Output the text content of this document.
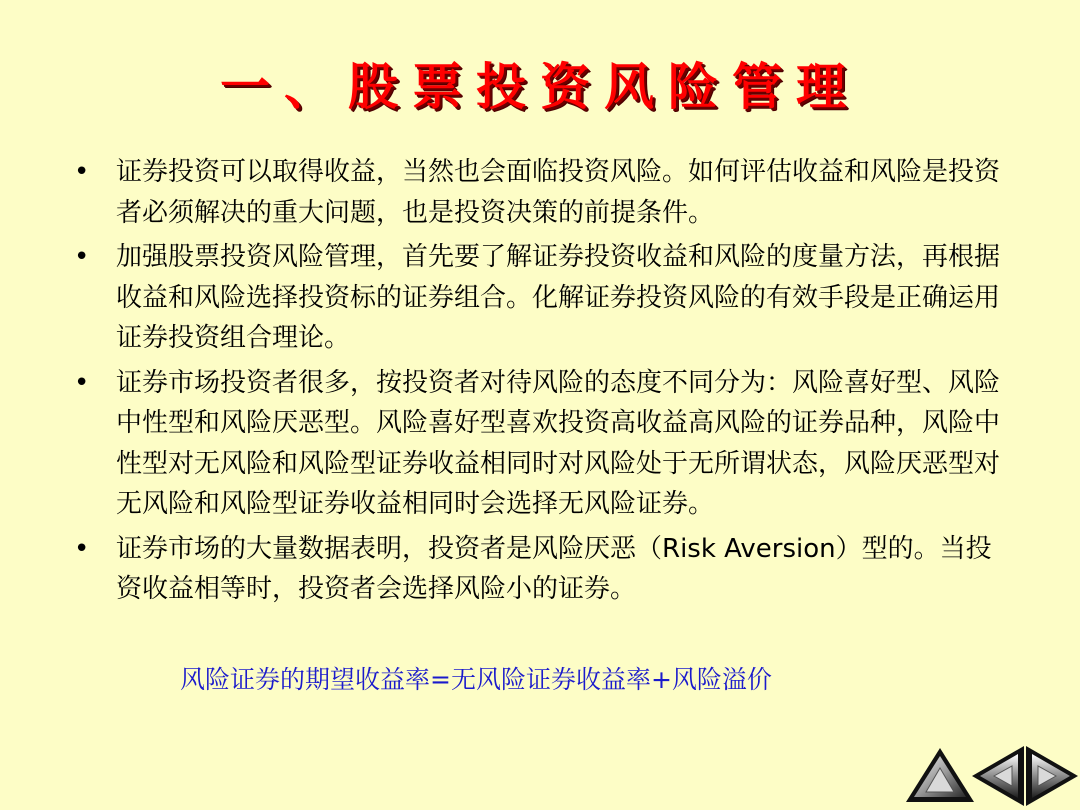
一、股票投资风险管理
• 证券投资可以取得收益，当然也会面临投资风险。如何评估收益和风险是投资者必须解决的重大问题，也是投资决策的前提条件。
• 加强股票投资风险管理，首先要了解证券投资收益和风险的度量方法，再根据收益和风险选择投资标的证券组合。化解证券投资风险的有效手段是正确运用证券投资组合理论。
• 证券市场投资者很多，按投资者对待风险的态度不同分为：风险喜好型、风险中性型和风险厌恶型。风险喜好型喜欢投资高收益高风险的证券品种，风险中性型对无风险和风险型证券收益相同时对风险处于无所谓状态，风险厌恶型对无风险和风险型证券收益相同时会选择无风险证券。
• 证券市场的大量数据表明，投资者是风险厌恶（Risk Aversion）型的。当投资收益相等时，投资者会选择风险小的证券。
风险证券的期望收益率=无风险证券收益率+风险溢价
